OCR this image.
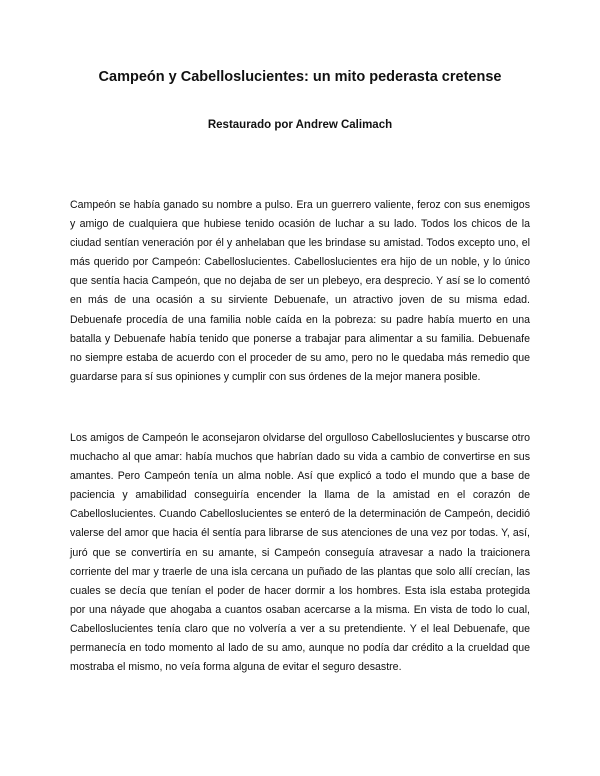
Campeón y Cabelloslucientes: un mito pederasta cretense

Restaurado por Andrew Calimach

Campeón se había ganado su nombre a pulso. Era un guerrero valiente, feroz con sus enemigos y amigo de cualquiera que hubiese tenido ocasión de luchar a su lado. Todos los chicos de la ciudad sentían veneración por él y anhelaban que les brindase su amistad. Todos excepto uno, el más querido por Campeón: Cabelloslucientes. Cabelloslucientes era hijo de un noble, y lo único que sentía hacia Campeón, que no dejaba de ser un plebeyo, era desprecio. Y así se lo comentó en más de una ocasión a su sirviente Debuenafe, un atractivo joven de su misma edad. Debuenafe procedía de una familia noble caída en la pobreza: su padre había muerto en una batalla y Debuenafe había tenido que ponerse a trabajar para alimentar a su familia. Debuenafe no siempre estaba de acuerdo con el proceder de su amo, pero no le quedaba más remedio que guardarse para sí sus opiniones y cumplir con sus órdenes de la mejor manera posible.

Los amigos de Campeón le aconsejaron olvidarse del orgulloso Cabelloslucientes y buscarse otro muchacho al que amar: había muchos que habrían dado su vida a cambio de convertirse en sus amantes. Pero Campeón tenía un alma noble. Así que explicó a todo el mundo que a base de paciencia y amabilidad conseguiría encender la llama de la amistad en el corazón de Cabelloslucientes. Cuando Cabelloslucientes se enteró de la determinación de Campeón, decidió valerse del amor que hacia él sentía para librarse de sus atenciones de una vez por todas. Y, así, juró que se convertiría en su amante, si Campeón conseguía atravesar a nado la traicionera corriente del mar y traerle de una isla cercana un puñado de las plantas que solo allí crecían, las cuales se decía que tenían el poder de hacer dormir a los hombres. Esta isla estaba protegida por una náyade que ahogaba a cuantos osaban acercarse a la misma. En vista de todo lo cual, Cabelloslucientes tenía claro que no volvería a ver a su pretendiente. Y el leal Debuenafe, que permanecía en todo momento al lado de su amo, aunque no podía dar crédito a la crueldad que mostraba el mismo, no veía forma alguna de evitar el seguro desastre.
